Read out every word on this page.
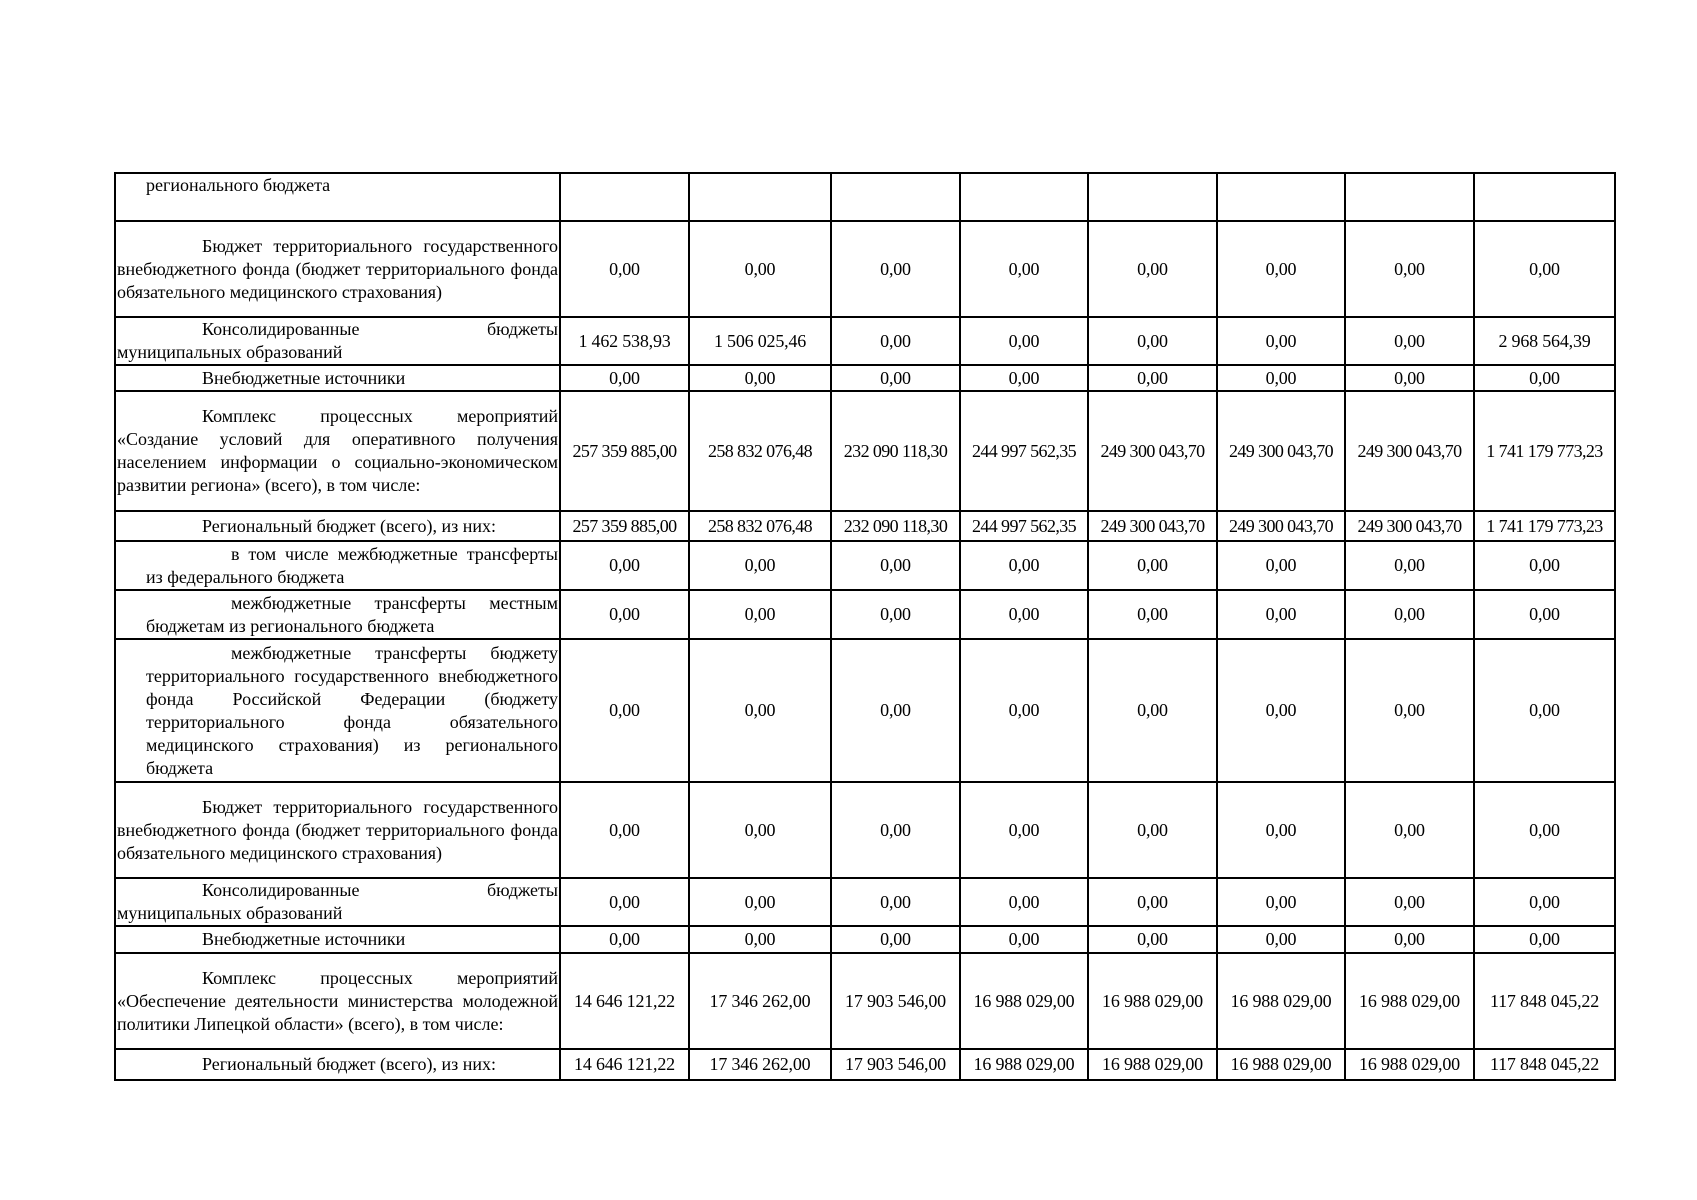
регионального бюджета								
Бюджет территориального государственного внебюджетного фонда (бюджет территориального фонда обязательного медицинского страхования)	0,00	0,00	0,00	0,00	0,00	0,00	0,00	0,00
Консолидированные бюджеты муниципальных образований	1 462 538,93	1 506 025,46	0,00	0,00	0,00	0,00	0,00	2 968 564,39
Внебюджетные источники	0,00	0,00	0,00	0,00	0,00	0,00	0,00	0,00
Комплекс процессных мероприятий «Создание условий для оперативного получения населением информации о социально-экономическом развитии региона» (всего), в том числе:	257 359 885,00	258 832 076,48	232 090 118,30	244 997 562,35	249 300 043,70	249 300 043,70	249 300 043,70	1 741 179 773,23
Региональный бюджет (всего), из них:	257 359 885,00	258 832 076,48	232 090 118,30	244 997 562,35	249 300 043,70	249 300 043,70	249 300 043,70	1 741 179 773,23
в том числе межбюджетные трансферты из федерального бюджета	0,00	0,00	0,00	0,00	0,00	0,00	0,00	0,00
межбюджетные трансферты местным бюджетам из регионального бюджета	0,00	0,00	0,00	0,00	0,00	0,00	0,00	0,00
межбюджетные трансферты бюджету территориального государственного внебюджетного фонда Российской Федерации (бюджету территориального фонда обязательного медицинского страхования) из регионального бюджета	0,00	0,00	0,00	0,00	0,00	0,00	0,00	0,00
Бюджет территориального государственного внебюджетного фонда (бюджет территориального фонда обязательного медицинского страхования)	0,00	0,00	0,00	0,00	0,00	0,00	0,00	0,00
Консолидированные бюджеты муниципальных образований	0,00	0,00	0,00	0,00	0,00	0,00	0,00	0,00
Внебюджетные источники	0,00	0,00	0,00	0,00	0,00	0,00	0,00	0,00
Комплекс процессных мероприятий «Обеспечение деятельности министерства молодежной политики Липецкой области» (всего), в том числе:	14 646 121,22	17 346 262,00	17 903 546,00	16 988 029,00	16 988 029,00	16 988 029,00	16 988 029,00	117 848 045,22
Региональный бюджет (всего), из них:	14 646 121,22	17 346 262,00	17 903 546,00	16 988 029,00	16 988 029,00	16 988 029,00	16 988 029,00	117 848 045,22
